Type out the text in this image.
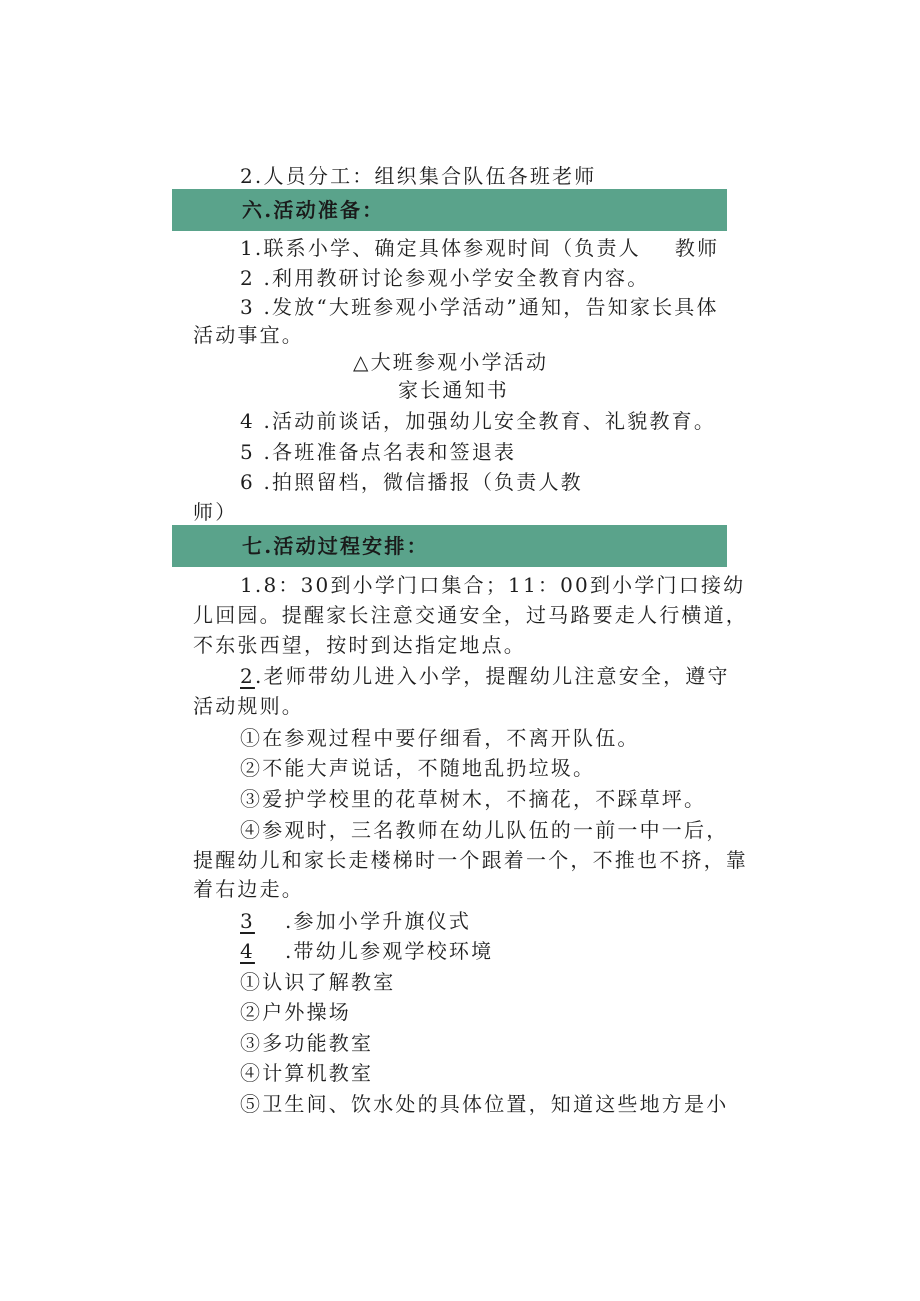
2.人员分工：组织集合队伍各班老师
六.活动准备：
1.联系小学、确定具体参观时间（负责人 教师
2 .利用教研讨论参观小学安全教育内容。
3 .发放“大班参观小学活动”通知，告知家长具体
活动事宜。
△大班参观小学活动
家长通知书
4 .活动前谈话，加强幼儿安全教育、礼貌教育。
5 .各班准备点名表和签退表
6 .拍照留档，微信播报（负责人教
师）
七.活动过程安排：
1.8：30到小学门口集合；11：00到小学门口接幼
儿回园。提醒家长注意交通安全，过马路要走人行横道，
不东张西望，按时到达指定地点。
2.老师带幼儿进入小学，提醒幼儿注意安全，遵守
活动规则。
①在参观过程中要仔细看，不离开队伍。
②不能大声说话，不随地乱扔垃圾。
③爱护学校里的花草树木，不摘花，不踩草坪。
④参观时，三名教师在幼儿队伍的一前一中一后，
提醒幼儿和家长走楼梯时一个跟着一个，不推也不挤，靠
着右边走。
3 .参加小学升旗仪式
4 .带幼儿参观学校环境
①认识了解教室
②户外操场
③多功能教室
④计算机教室
⑤卫生间、饮水处的具体位置，知道这些地方是小
